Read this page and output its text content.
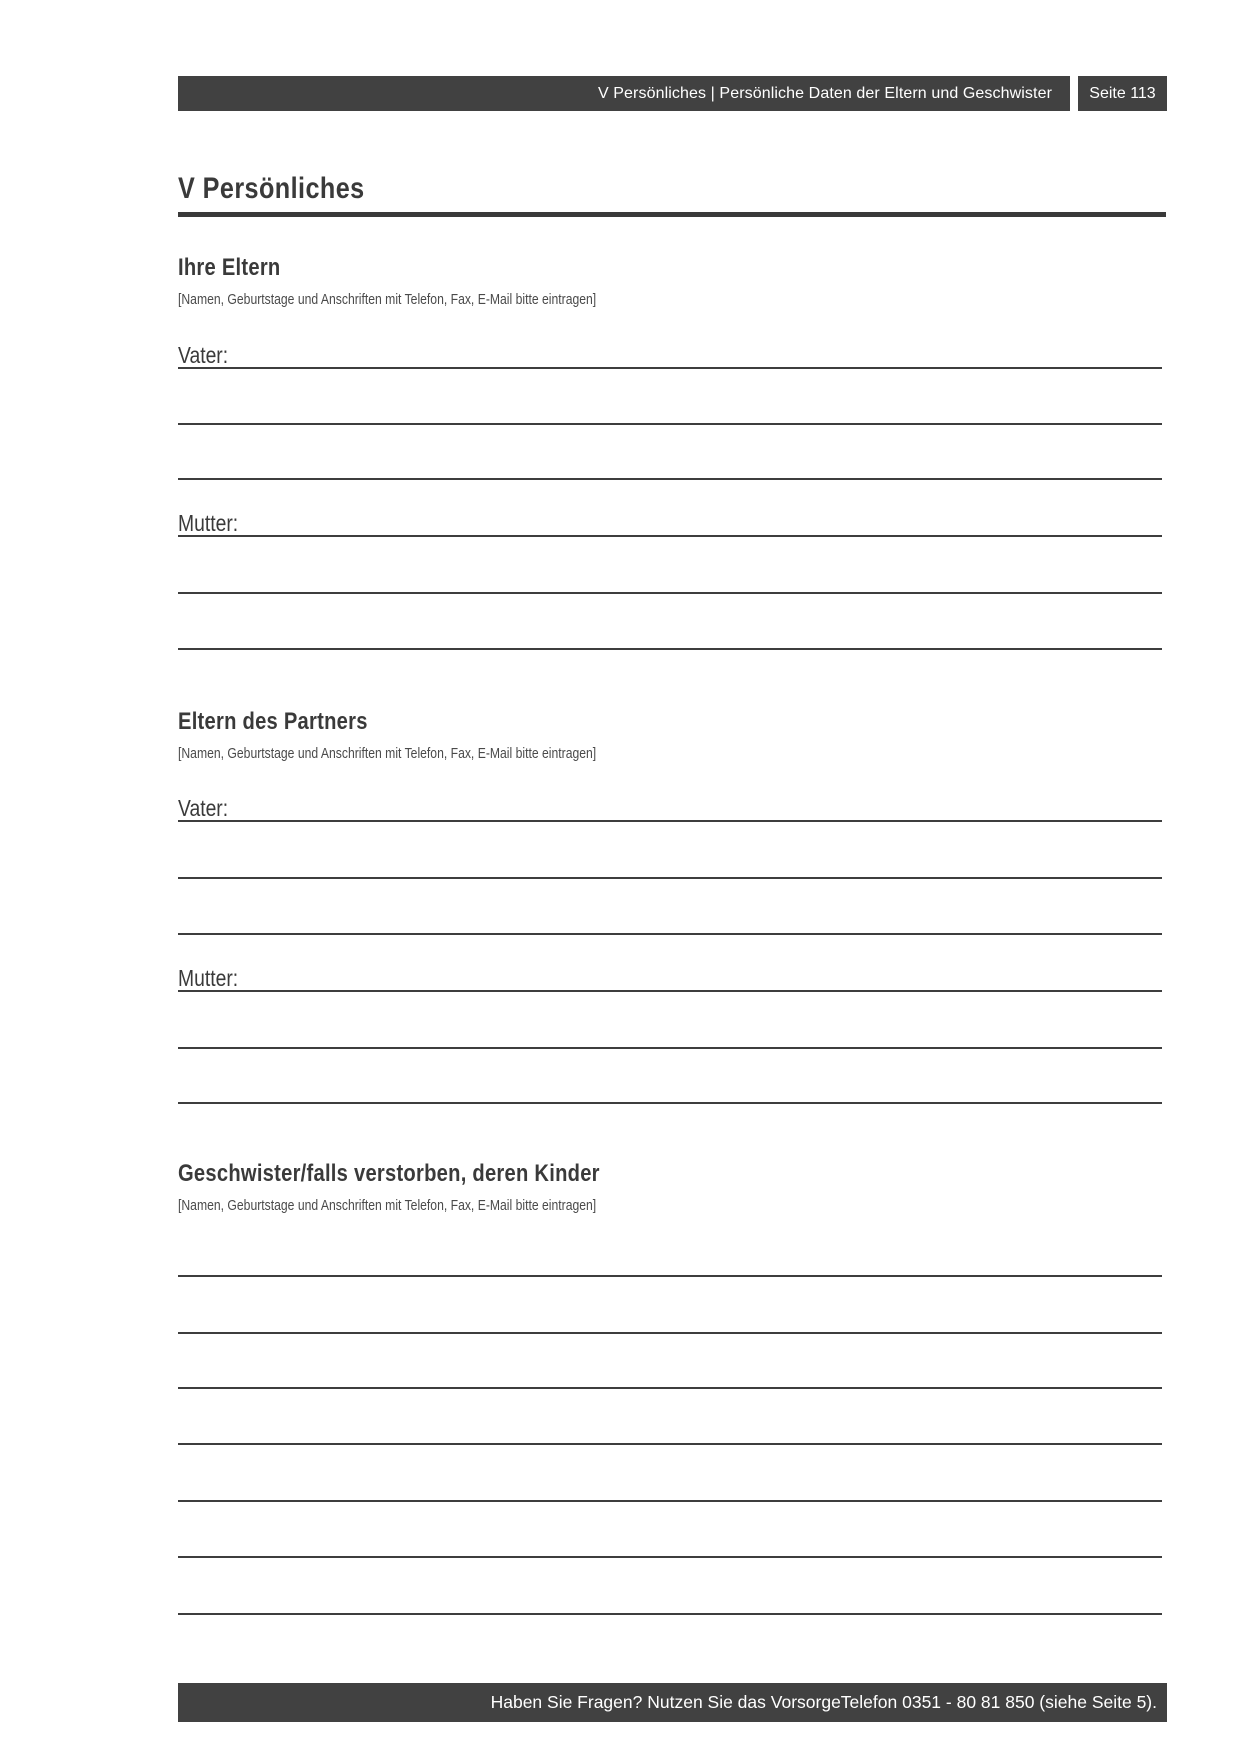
V Persönliches | Persönliche Daten der Eltern und Geschwister Seite 113
V Persönliches
Ihre Eltern
[Namen, Geburtstage und Anschriften mit Telefon, Fax, E-Mail bitte eintragen]
Vater:
Mutter:
Eltern des Partners
[Namen, Geburtstage und Anschriften mit Telefon, Fax, E-Mail bitte eintragen]
Vater:
Mutter:
Geschwister/falls verstorben, deren Kinder
[Namen, Geburtstage und Anschriften mit Telefon, Fax, E-Mail bitte eintragen]
Haben Sie Fragen? Nutzen Sie das VorsorgeTelefon 0351 - 80 81 850 (siehe Seite 5).
